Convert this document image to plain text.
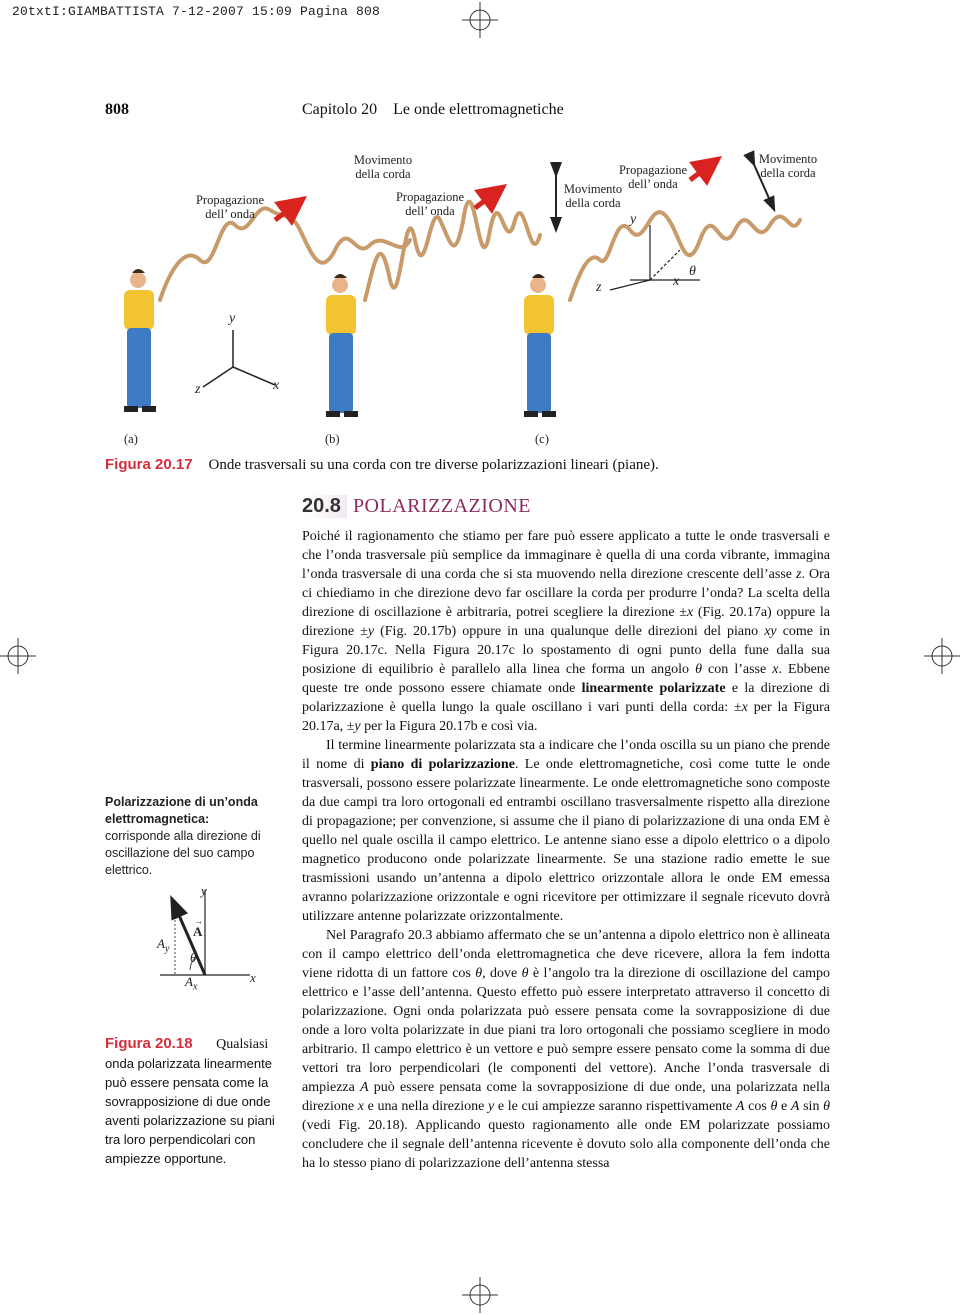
20txtI:GIAMBATTISTA 7-12-2007 15:09 Pagina 808
808	Capitolo 20 Le onde elettromagnetiche
Propagazione dell’ onda
Movimento della corda
Propagazione dell’ onda
Movimento della corda
Propagazione dell’ onda
Movimento della corda
y
z	x
y
z	x
θ
(a)	(b)	(c)
Figura 20.17 Onde trasversali su una corda con tre diverse polarizzazioni lineari (piane).
20.8 POLARIZZAZIONE

Poiché il ragionamento che stiamo per fare può essere applicato a tutte le onde trasversali e che l’onda trasversale più semplice da immaginare è quella di una corda vibrante, immagina l’onda trasversale di una corda che si sta muovendo nella direzione crescente dell’asse z. Ora ci chiediamo in che direzione devo far oscillare la corda per produrre l’onda? La scelta della direzione di oscillazione è arbitraria, potrei scegliere la direzione ±x (Fig. 20.17a) oppure la direzione ±y (Fig. 20.17b) oppure in una qualunque delle direzioni del piano xy come in Figura 20.17c. Nella Figura 20.17c lo spostamento di ogni punto della fune dalla sua posizione di equilibrio è parallelo alla linea che forma un angolo θ con l’asse x. Ebbene queste tre onde possono essere chiamate onde linearmente polarizzate e la direzione di polarizzazione è quella lungo la quale oscillano i vari punti della corda: ±x per la Figura 20.17a, ±y per la Figura 20.17b e così via.

Il termine linearmente polarizzata sta a indicare che l’onda oscilla su un piano che prende il nome di piano di polarizzazione. Le onde elettromagnetiche, così come tutte le onde trasversali, possono essere polarizzate linearmente. Le onde elettromagnetiche sono composte da due campi tra loro ortogonali ed entrambi oscillano trasversalmente rispetto alla direzione di propagazione; per convenzione, si assume che il piano di polarizzazione di una onda EM è quello nel quale oscilla il campo elettrico. Le antenne siano esse a dipolo elettrico o a dipolo magnetico producono onde polarizzate linearmente. Se una stazione radio emette le sue trasmissioni usando un’antenna a dipolo elettrico orizzontale allora le onde EM emessa avranno polarizzazione orizzontale e ogni ricevitore per ottimizzare il segnale ricevuto dovrà utilizzare antenne polarizzate orizzontalmente.

Nel Paragrafo 20.3 abbiamo affermato che se un’antenna a dipolo elettrico non è allineata con il campo elettrico dell’onda elettromagnetica che deve ricevere, allora la fem indotta viene ridotta di un fattore cos θ, dove θ è l’angolo tra la direzione di oscillazione del campo elettrico e l’asse dell’antenna. Questo effetto può essere interpretato attraverso il concetto di polarizzazione. Ogni onda polarizzata può essere pensata come la sovrapposizione di due onde a loro volta polarizzate in due piani tra loro ortogonali che possiamo scegliere in modo arbitrario. Il campo elettrico è un vettore e può sempre essere pensato come la somma di due vettori tra loro perpendicolari (le componenti del vettore). Anche l’onda trasversale di ampiezza A può essere pensata come la sovrapposizione di due onde, una polarizzata nella direzione x e una nella direzione y e le cui ampiezze saranno rispettivamente A cos θ e A sin θ (vedi Fig. 20.18). Applicando questo ragionamento alle onde EM polarizzate possiamo concludere che il segnale dell’antenna ricevente è dovuto solo alla componente dell’onda che ha lo stesso piano di polarizzazione dell’antenna stessa

Polarizzazione di un’onda elettromagnetica: corrisponde alla direzione di oscillazione del suo campo elettrico.
y
x
→
A
$A_y$
$A_x$
θ
Figura 20.18 Qualsiasi
onda polarizzata linearmente può essere pensata come la sovrapposizione di due onde aventi polarizzazione su piani tra loro perpendicolari con ampiezze opportune.
